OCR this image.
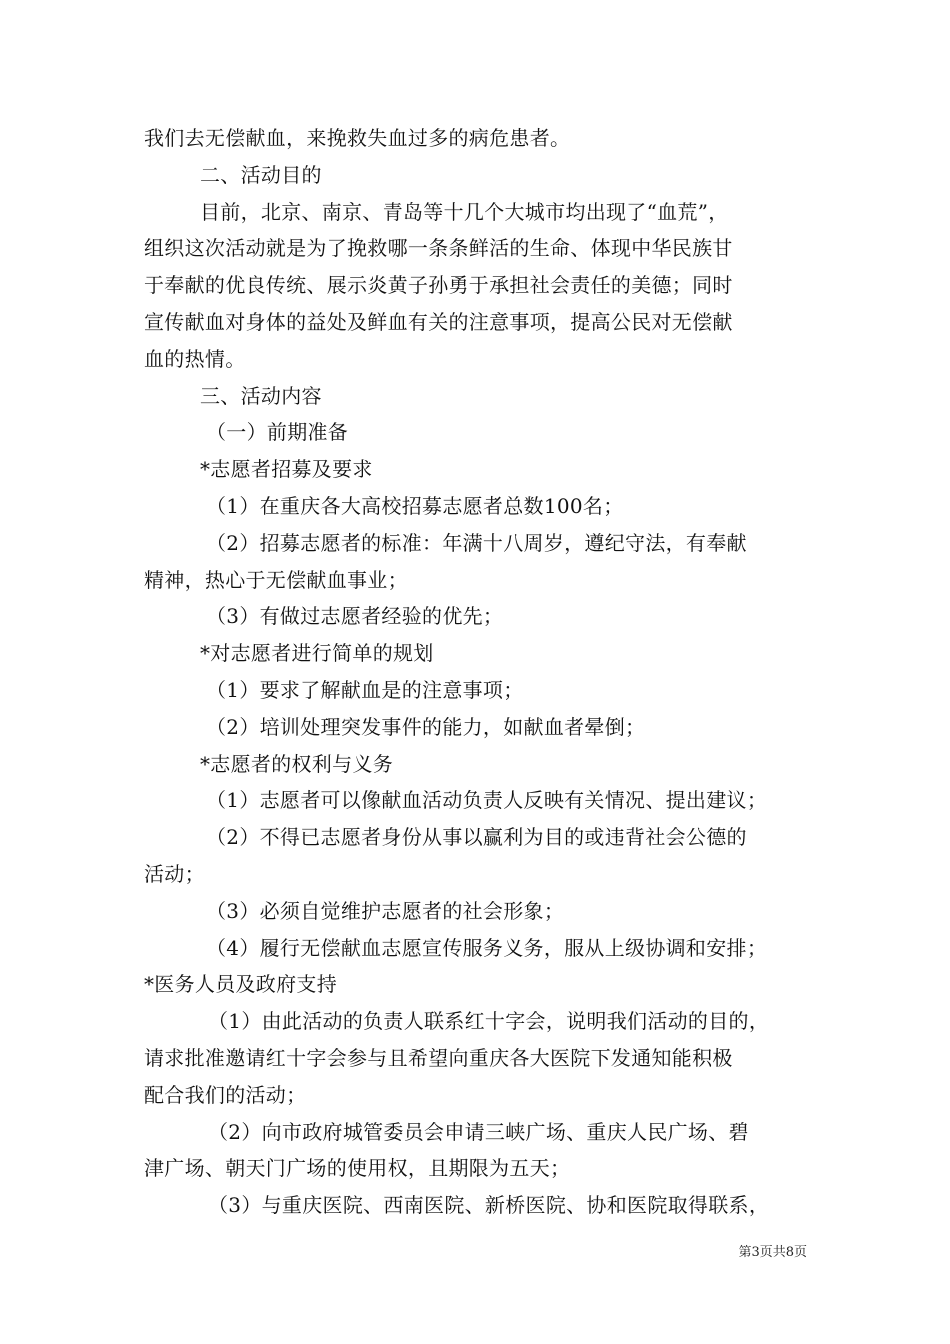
我们去无偿献血，来挽救失血过多的病危患者。
二、活动目的
目前，北京、南京、青岛等十几个大城市均出现了“血荒”，
组织这次活动就是为了挽救哪一条条鲜活的生命、体现中华民族甘
于奉献的优良传统、展示炎黄子孙勇于承担社会责任的美德；同时
宣传献血对身体的益处及鲜血有关的注意事项，提高公民对无偿献
血的热情。
三、活动内容
（一）前期准备
*志愿者招募及要求
（1）在重庆各大高校招募志愿者总数100名；
（2）招募志愿者的标准：年满十八周岁，遵纪守法，有奉献
精神，热心于无偿献血事业；
（3）有做过志愿者经验的优先；
*对志愿者进行简单的规划
（1）要求了解献血是的注意事项；
（2）培训处理突发事件的能力，如献血者晕倒；
*志愿者的权利与义务
（1）志愿者可以像献血活动负责人反映有关情况、提出建议；
（2）不得已志愿者身份从事以赢利为目的或违背社会公德的
活动；
（3）必须自觉维护志愿者的社会形象；
（4）履行无偿献血志愿宣传服务义务，服从上级协调和安排；
*医务人员及政府支持
（1）由此活动的负责人联系红十字会，说明我们活动的目的，
请求批准邀请红十字会参与且希望向重庆各大医院下发通知能积极
配合我们的活动；
（2）向市政府城管委员会申请三峡广场、重庆人民广场、碧
津广场、朝天门广场的使用权，且期限为五天；
（3）与重庆医院、西南医院、新桥医院、协和医院取得联系，
第3页共8页
